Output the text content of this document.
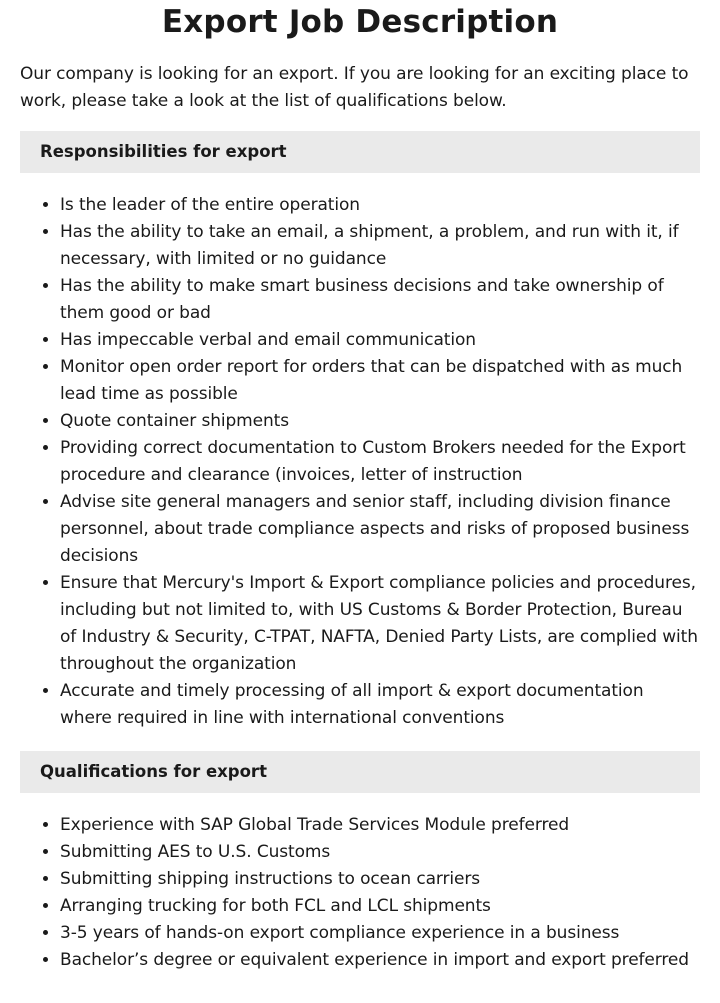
Export Job Description

Our company is looking for an export. If you are looking for an exciting place to work, please take a look at the list of qualifications below.

Responsibilities for export
• Is the leader of the entire operation
• Has the ability to take an email, a shipment, a problem, and run with it, if necessary, with limited or no guidance
• Has the ability to make smart business decisions and take ownership of them good or bad
• Has impeccable verbal and email communication
• Monitor open order report for orders that can be dispatched with as much lead time as possible
• Quote container shipments
• Providing correct documentation to Custom Brokers needed for the Export procedure and clearance (invoices, letter of instruction
• Advise site general managers and senior staff, including division finance personnel, about trade compliance aspects and risks of proposed business decisions
• Ensure that Mercury's Import & Export compliance policies and procedures, including but not limited to, with US Customs & Border Protection, Bureau of Industry & Security, C-TPAT, NAFTA, Denied Party Lists, are complied with throughout the organization
• Accurate and timely processing of all import & export documentation where required in line with international conventions
Qualifications for export
• Experience with SAP Global Trade Services Module preferred
• Submitting AES to U.S. Customs
• Submitting shipping instructions to ocean carriers
• Arranging trucking for both FCL and LCL shipments
• 3-5 years of hands-on export compliance experience in a business
• Bachelor’s degree or equivalent experience in import and export preferred
